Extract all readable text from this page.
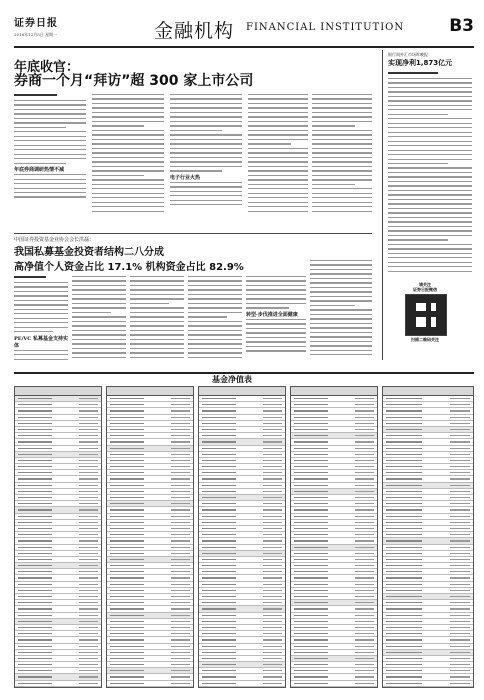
证券日报
2016年12月5日 星期一	金融机构 FINANCIAL INSTITUTION	B3
年底收官：
券商一个月“拜访”超 300 家上市公司
年底券商调研热情不减
电子行业火热
中国证券投资基金业协会会长洪磊：
我国私募基金投资者结构二八分成
高净值个人资金占比 17.1% 机构资金占比 82.9%
PE/VC 私募基金支持实体
转型·步伐推进全面健康
银行间外汇市场昨晚报：
实现净利1,873亿元
请关注
证券日报微信
扫描二维码关注
基金净值表
